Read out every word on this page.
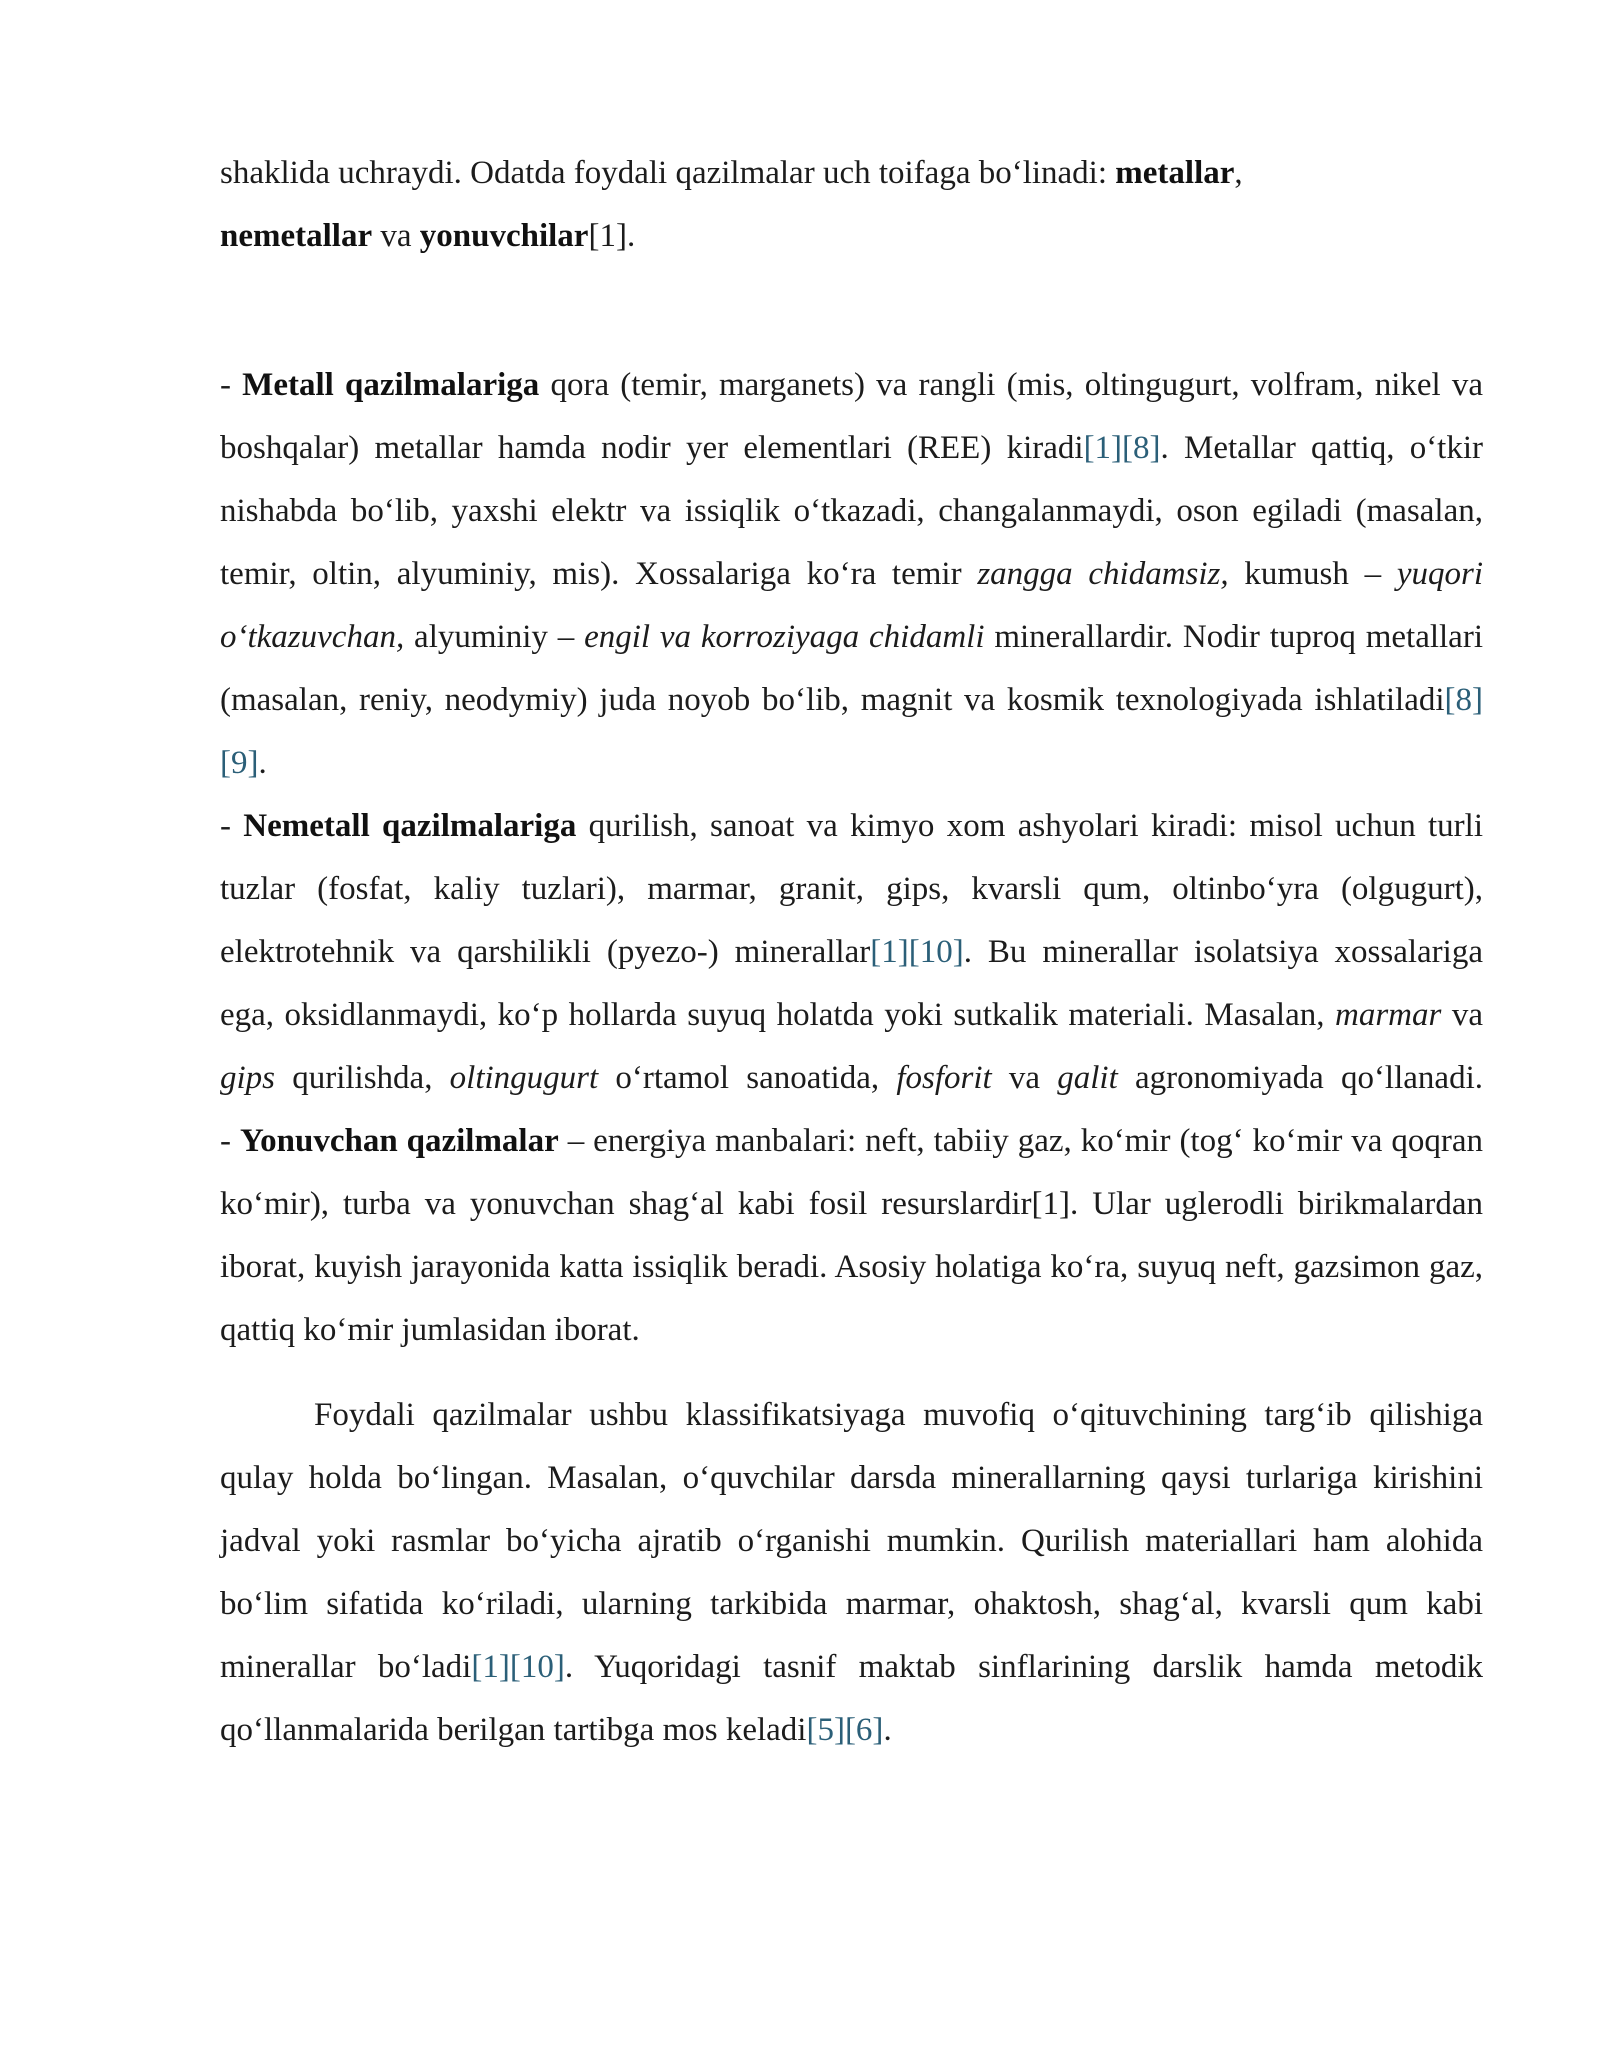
shaklida uchraydi. Odatda foydali qazilmalar uch toifaga bo‘linadi: metallar,
nemetallar va yonuvchilar[1].

- Metall qazilmalariga qora (temir, marganets) va rangli (mis, oltingugurt, volfram, nikel va boshqalar) metallar hamda nodir yer elementlari (REE) kiradi[1][8]. Metallar qattiq, o‘tkir nishabda bo‘lib, yaxshi elektr va issiqlik o‘tkazadi, changalanmaydi, oson egiladi (masalan, temir, oltin, alyuminiy, mis). Xossalariga ko‘ra temir zangga chidamsiz, kumush – yuqori o‘tkazuvchan, alyuminiy – engil va korroziyaga chidamli minerallardir. Nodir tuproq metallari (masalan, reniy, neodymiy) juda noyob bo‘lib, magnit va kosmik texnologiyada ishlatiladi[8][9].
- Nemetall qazilmalariga qurilish, sanoat va kimyo xom ashyolari kiradi: misol uchun turli tuzlar (fosfat, kaliy tuzlari), marmar, granit, gips, kvarsli qum, oltinbo‘yra (olgugurt), elektrotehnik va qarshilikli (pyezo-) minerallar[1][10]. Bu minerallar isolatsiya xossalariga ega, oksidlanmaydi, ko‘p hollarda suyuq holatda yoki sutkalik materiali. Masalan, marmar va gips qurilishda, oltingugurt o‘rtamol sanoatida, fosforit va galit agronomiyada qo‘llanadi.
- Yonuvchan qazilmalar – energiya manbalari: neft, tabiiy gaz, ko‘mir (tog‘ ko‘mir va qoqran ko‘mir), turba va yonuvchan shag‘al kabi fosil resurslardir[1]. Ular uglerodli birikmalardan iborat, kuyish jarayonida katta issiqlik beradi. Asosiy holatiga ko‘ra, suyuq neft, gazsimon gaz, qattiq ko‘mir jumlasidan iborat.

Foydali qazilmalar ushbu klassifikatsiyaga muvofiq o‘qituvchining targ‘ib qilishiga qulay holda bo‘lingan. Masalan, o‘quvchilar darsda minerallarning qaysi turlariga kirishini jadval yoki rasmlar bo‘yicha ajratib o‘rganishi mumkin. Qurilish materiallari ham alohida bo‘lim sifatida ko‘riladi, ularning tarkibida marmar, ohaktosh, shag‘al, kvarsli qum kabi minerallar bo‘ladi[1][10]. Yuqoridagi tasnif maktab sinflarining darslik hamda metodik qo‘llanmalarida berilgan tartibga mos keladi[5][6].
